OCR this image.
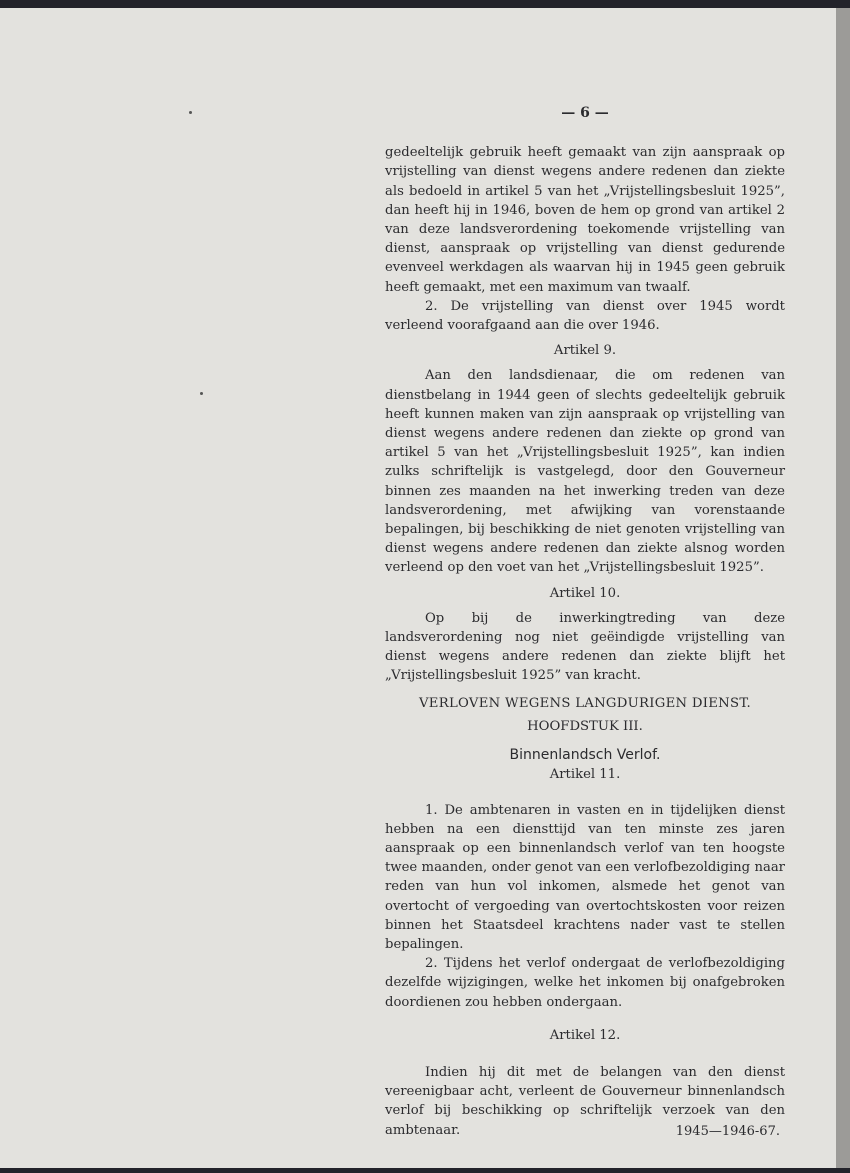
— 6 —

gedeeltelijk gebruik heeft gemaakt van zijn aanspraak op vrijstelling van dienst wegens andere redenen dan ziekte als bedoeld in artikel 5 van het „Vrijstellingsbesluit 1925”, dan heeft hij in 1946, boven de hem op grond van artikel 2 van deze landsverordening toekomende vrijstelling van dienst, aanspraak op vrijstelling van dienst gedurende evenveel werkdagen als waarvan hij in 1945 geen gebruik heeft gemaakt, met een maximum van twaalf.

2. De vrijstelling van dienst over 1945 wordt verleend voorafgaand aan die over 1946.

Artikel 9.

Aan den landsdienaar, die om redenen van dienstbelang in 1944 geen of slechts gedeeltelijk gebruik heeft kunnen maken van zijn aanspraak op vrijstelling van dienst wegens andere redenen dan ziekte op grond van artikel 5 van het „Vrijstellingsbesluit 1925”, kan indien zulks schriftelijk is vastgelegd, door den Gouverneur binnen zes maanden na het inwerking treden van deze landsverordening, met afwijking van vorenstaande bepalingen, bij beschikking de niet genoten vrijstelling van dienst wegens andere redenen dan ziekte alsnog worden verleend op den voet van het „Vrijstellingsbesluit 1925”.

Artikel 10.

Op bij de inwerkingtreding van deze landsverordening nog niet geëindigde vrijstelling van dienst wegens andere redenen dan ziekte blijft het „Vrijstellingsbesluit 1925” van kracht.

VERLOVEN WEGENS LANGDURIGEN DIENST.
HOOFDSTUK III.
Binnenlandsch Verlof.
Artikel 11.

1. De ambtenaren in vasten en in tijdelijken dienst hebben na een diensttijd van ten minste zes jaren aanspraak op een binnenlandsch verlof van ten hoogste twee maanden, onder genot van een verlofbezoldiging naar reden van hun vol inkomen, alsmede het genot van overtocht of vergoeding van overtochtskosten voor reizen binnen het Staatsdeel krachtens nader vast te stellen bepalingen.

2. Tijdens het verlof ondergaat de verlofbezoldiging dezelfde wijzigingen, welke het inkomen bij onafgebroken doordienen zou hebben ondergaan.

Artikel 12.

Indien hij dit met de belangen van den dienst vereenigbaar acht, verleent de Gouverneur binnenlandsch verlof bij beschikking op schriftelijk verzoek van den ambtenaar.	1945—1946-67.
